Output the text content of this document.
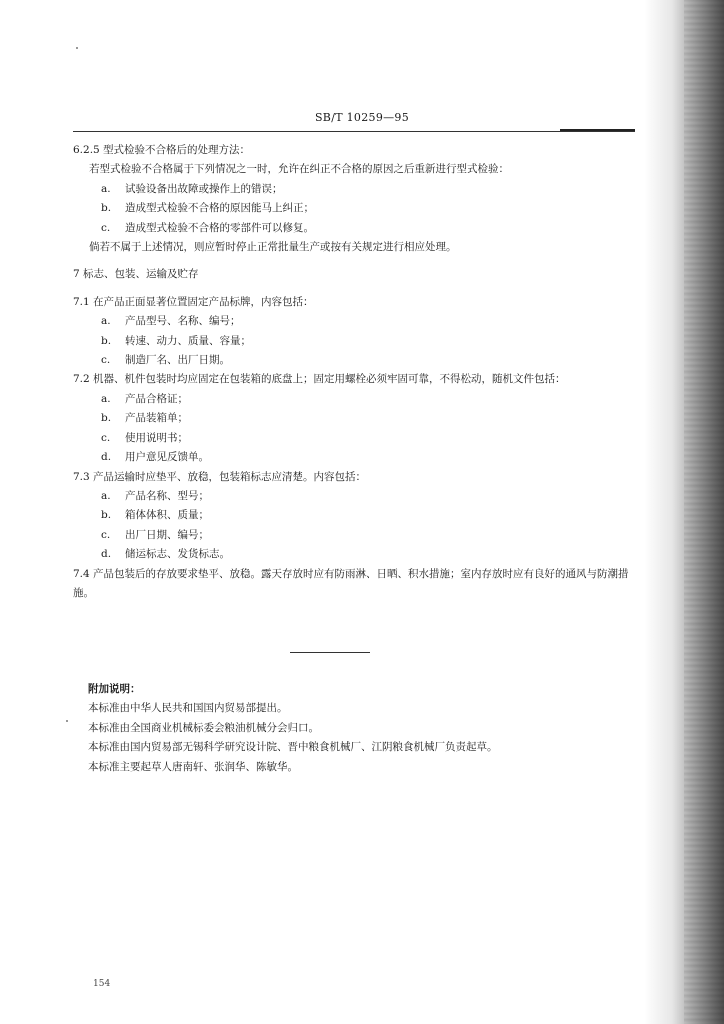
SB/T 10259—95
6.2.5 型式检验不合格后的处理方法：
若型式检验不合格属于下列情况之一时，允许在纠正不合格的原因之后重新进行型式检验：
a. 试验设备出故障或操作上的错误；
b. 造成型式检验不合格的原因能马上纠正；
c. 造成型式检验不合格的零部件可以修复。
倘若不属于上述情况，则应暂时停止正常批量生产或按有关规定进行相应处理。
7 标志、包装、运输及贮存
7.1 在产品正面显著位置固定产品标牌，内容包括：
a. 产品型号、名称、编号；
b. 转速、动力、质量、容量；
c. 制造厂名、出厂日期。
7.2 机器、机件包装时均应固定在包装箱的底盘上；固定用螺栓必须牢固可靠，不得松动，随机文件包括：
a. 产品合格证；
b. 产品装箱单；
c. 使用说明书；
d. 用户意见反馈单。
7.3 产品运输时应垫平、放稳，包装箱标志应清楚。内容包括：
a. 产品名称、型号；
b. 箱体体积、质量；
c. 出厂日期、编号；
d. 储运标志、发货标志。
7.4 产品包装后的存放要求垫平、放稳。露天存放时应有防雨淋、日晒、积水措施；室内存放时应有良好的通风与防潮措施。
附加说明：
本标准由中华人民共和国国内贸易部提出。
本标准由全国商业机械标委会粮油机械分会归口。
本标准由国内贸易部无锡科学研究设计院、晋中粮食机械厂、江阴粮食机械厂负责起草。
本标准主要起草人唐南轩、张润华、陈敏华。
154
